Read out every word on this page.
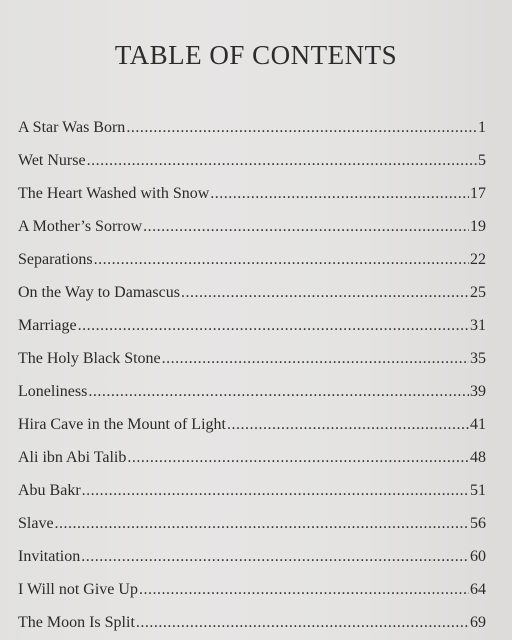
TABLE OF CONTENTS
A Star Was Born .....	1
Wet Nurse .....	5
The Heart Washed with Snow .....	17
A Mother’s Sorrow .....	19
Separations .....	22
On the Way to Damascus .....	25
Marriage .....	31
The Holy Black Stone .....	35
Loneliness .....	39
Hira Cave in the Mount of Light .....	41
Ali ibn Abi Talib .....	48
Abu Bakr .....	51
Slave .....	56
Invitation .....	60
I Will not Give Up .....	64
The Moon Is Split .....	69
